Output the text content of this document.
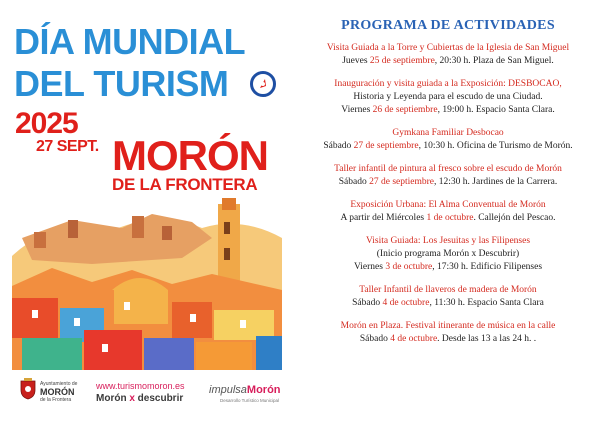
DÍA MUNDIAL
DEL TURISM
2025
27 SEPT. MORÓN
DE LA FRONTERA
Ayuntamiento de
MORÓN
de la Frontera
www.turismomoron.es
Morón x descubrir
impulsaMorón
Desarrollo Turístico Municipal
PROGRAMA DE ACTIVIDADES
Visita Guiada a la Torre y Cubiertas de la Iglesia de San Miguel
Jueves 25 de septiembre, 20:30 h. Plaza de San Miguel.
Inauguración y visita guiada a la Exposición: DESBOCAO,
Historia y Leyenda para el escudo de una Ciudad.
Viernes 26 de septiembre, 19:00 h. Espacio Santa Clara.
Gymkana Familiar Desbocao
Sábado 27 de septiembre, 10:30 h. Oficina de Turismo de Morón.
Taller infantil de pintura al fresco sobre el escudo de Morón
Sábado 27 de septiembre, 12:30 h. Jardines de la Carrera.
Exposición Urbana: El Alma Conventual de Morón
A partir del Miércoles 1 de octubre. Callejón del Pescao.
Visita Guiada: Los Jesuitas y las Filipenses
(Inicio programa Morón x Descubrir)
Viernes 3 de octubre, 17:30 h. Edificio Filipenses
Taller Infantil de llaveros de madera de Morón
Sábado 4 de octubre, 11:30 h. Espacio Santa Clara
Morón en Plaza. Festival itinerante de música en la calle
Sábado 4 de octubre. Desde las 13 a las 24 h. .
